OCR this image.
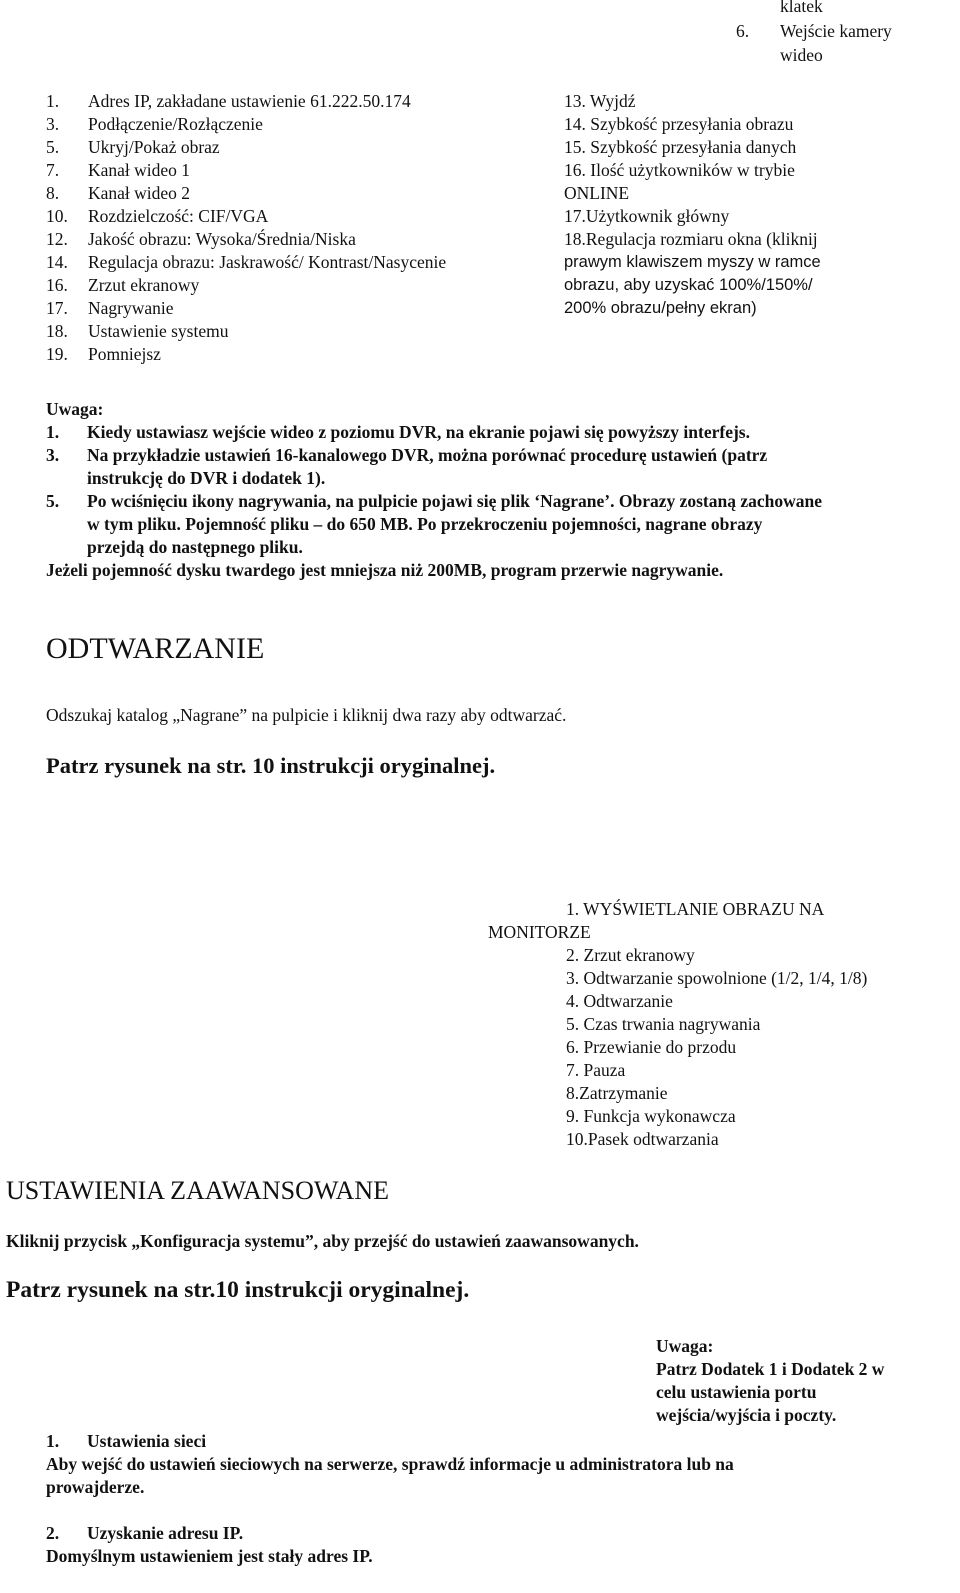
klatek
6. Wejście kamery
wideo
1. Adres IP, zakładane ustawienie 61.222.50.174
3. Podłączenie/Rozłączenie
5. Ukryj/Pokaż obraz
7. Kanał wideo 1
8. Kanał wideo 2
10. Rozdzielczość: CIF/VGA
12. Jakość obrazu: Wysoka/Średnia/Niska
14. Regulacja obrazu: Jaskrawość/ Kontrast/Nasycenie
16. Zrzut ekranowy
17. Nagrywanie
18. Ustawienie systemu
19. Pomniejsz
13. Wyjdź
14. Szybkość przesyłania obrazu
15. Szybkość przesyłania danych
16. Ilość użytkowników w trybie
ONLINE
17.Użytkownik główny
18.Regulacja rozmiaru okna (kliknij
prawym klawiszem myszy w ramce
obrazu, aby uzyskać 100%/150%/
200% obrazu/pełny ekran)
Uwaga:
1. Kiedy ustawiasz wejście wideo z poziomu DVR, na ekranie pojawi się powyższy interfejs.
3. Na przykładzie ustawień 16-kanalowego DVR, można porównać procedurę ustawień (patrz
instrukcję do DVR i dodatek 1).
5. Po wciśnięciu ikony nagrywania, na pulpicie pojawi się plik ‘Nagrane’. Obrazy zostaną zachowane
w tym pliku. Pojemność pliku – do 650 MB. Po przekroczeniu pojemności, nagrane obrazy
przejdą do następnego pliku.
Jeżeli pojemność dysku twardego jest mniejsza niż 200MB, program przerwie nagrywanie.
ODTWARZANIE
Odszukaj katalog „Nagrane” na pulpicie i kliknij dwa razy aby odtwarzać.
Patrz rysunek na str. 10 instrukcji oryginalnej.
1. WYŚWIETLANIE OBRAZU NA
MONITORZE
2. Zrzut ekranowy
3. Odtwarzanie spowolnione (1/2, 1/4, 1/8)
4. Odtwarzanie
5. Czas trwania nagrywania
6. Przewianie do przodu
7. Pauza
8.Zatrzymanie
9. Funkcja wykonawcza
10.Pasek odtwarzania
USTAWIENIA ZAAWANSOWANE
Kliknij przycisk „Konfiguracja systemu”, aby przejść do ustawień zaawansowanych.
Patrz rysunek na str.10 instrukcji oryginalnej.
Uwaga:
Patrz Dodatek 1 i Dodatek 2 w
celu ustawienia portu
wejścia/wyjścia i poczty.
1. Ustawienia sieci
Aby wejść do ustawień sieciowych na serwerze, sprawdź informacje u administratora lub na
prowajderze.
2. Uzyskanie adresu IP.
Domyślnym ustawieniem jest stały adres IP.
